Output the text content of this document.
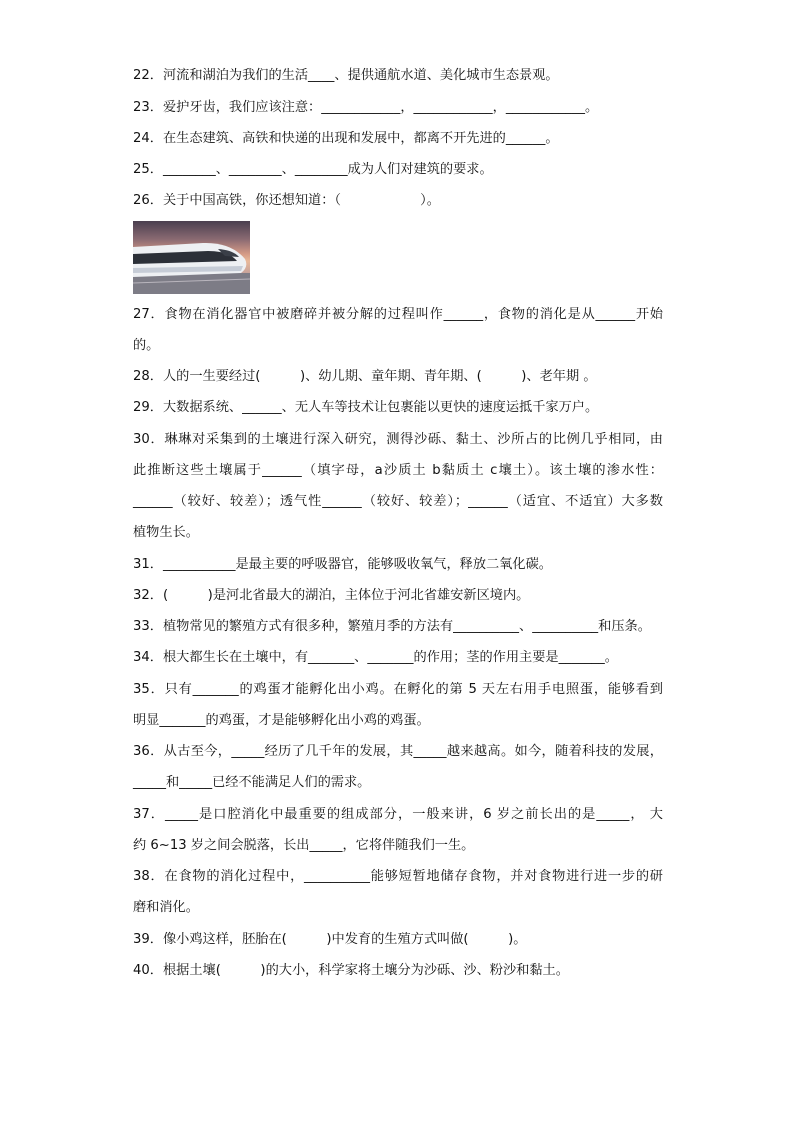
22．河流和湖泊为我们的生活____、提供通航水道、美化城市生态景观。
23．爱护牙齿，我们应该注意：____________，____________，____________。
24．在生态建筑、高铁和快递的出现和发展中，都离不开先进的______。
25．________、________、________成为人们对建筑的要求。
26．关于中国高铁，你还想知道：（　　　　　　）。
27．食物在消化器官中被磨碎并被分解的过程叫作______，食物的消化是从______开始
的。
28．人的一生要经过(　　　)、幼儿期、童年期、青年期、(　　　)、老年期 。
29．大数据系统、______、无人车等技术让包裹能以更快的速度运抵千家万户。
30．琳琳对采集到的土壤进行深入研究，测得沙砾、黏土、沙所占的比例几乎相同，由
此推断这些土壤属于______（填字母，a沙质土 b黏质土 c壤土）。该土壤的渗水性：
______（较好、较差）；透气性______（较好、较差）；______（适宜、不适宜）大多数
植物生长。
31．___________是最主要的呼吸器官，能够吸收氧气，释放二氧化碳。
32．(　　　)是河北省最大的湖泊，主体位于河北省雄安新区境内。
33．植物常见的繁殖方式有很多种，繁殖月季的方法有__________、__________和压条。
34．根大都生长在土壤中，有_______、_______的作用；茎的作用主要是_______。
35．只有_______的鸡蛋才能孵化出小鸡。在孵化的第 5 天左右用手电照蛋，能够看到
明显_______的鸡蛋，才是能够孵化出小鸡的鸡蛋。
36．从古至今，_____经历了几千年的发展，其_____越来越高。如今，随着科技的发展，
_____和_____已经不能满足人们的需求。
37．_____是口腔消化中最重要的组成部分，一般来讲，6 岁之前长出的是_____， 大
约 6~13 岁之间会脱落，长出_____，它将伴随我们一生。
38．在食物的消化过程中，__________能够短暂地储存食物，并对食物进行进一步的研
磨和消化。
39．像小鸡这样，胚胎在(　　　)中发育的生殖方式叫做(　　　)。
40．根据土壤(　　　)的大小，科学家将土壤分为沙砾、沙、粉沙和黏土。
